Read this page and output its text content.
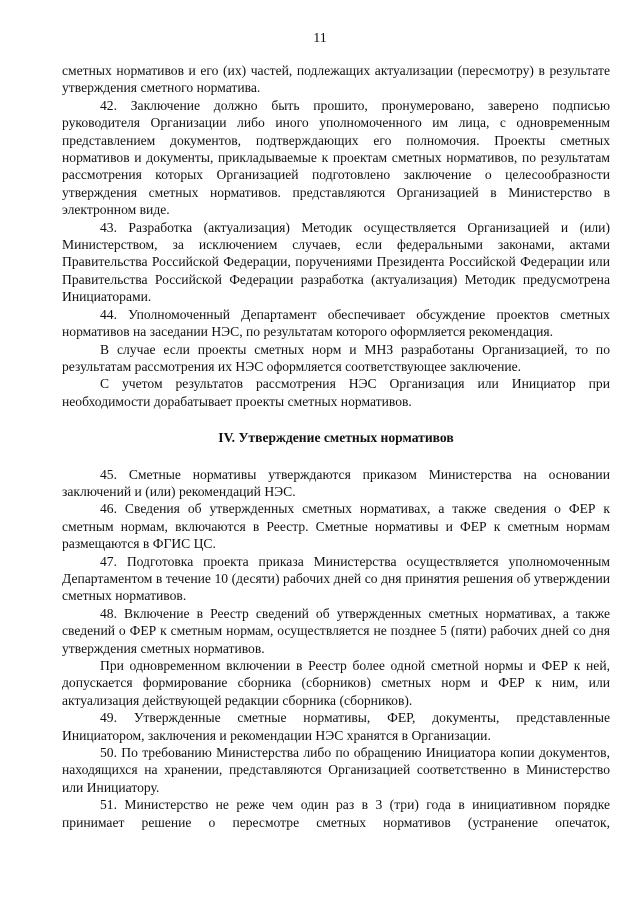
11

сметных нормативов и его (их) частей, подлежащих актуализации (пересмотру) в результате утверждения сметного норматива.

42. Заключение должно быть прошито, пронумеровано, заверено подписью руководителя Организации либо иного уполномоченного им лица, с одновременным представлением документов, подтверждающих его полномочия. Проекты сметных нормативов и документы, прикладываемые к проектам сметных нормативов, по результатам рассмотрения которых Организацией подготовлено заключение о целесообразности утверждения сметных нормативов. представляются Организацией в Министерство в электронном виде.

43. Разработка (актуализация) Методик осуществляется Организацией и (или) Министерством, за исключением случаев, если федеральными законами, актами Правительства Российской Федерации, поручениями Президента Российской Федерации или Правительства Российской Федерации разработка (актуализация) Методик предусмотрена Инициаторами.

44. Уполномоченный Департамент обеспечивает обсуждение проектов сметных нормативов на заседании НЭС, по результатам которого оформляется рекомендация.

В случае если проекты сметных норм и МНЗ разработаны Организацией, то по результатам рассмотрения их НЭС оформляется соответствующее заключение.

С учетом результатов рассмотрения НЭС Организация или Инициатор при необходимости дорабатывает проекты сметных нормативов.

IV. Утверждение сметных нормативов

45. Сметные нормативы утверждаются приказом Министерства на основании заключений и (или) рекомендаций НЭС.

46. Сведения об утвержденных сметных нормативах, а также сведения о ФЕР к сметным нормам, включаются в Реестр. Сметные нормативы и ФЕР к сметным нормам размещаются в ФГИС ЦС.

47. Подготовка проекта приказа Министерства осуществляется уполномоченным Департаментом в течение 10 (десяти) рабочих дней со дня принятия решения об утверждении сметных нормативов.

48. Включение в Реестр сведений об утвержденных сметных нормативах, а также сведений о ФЕР к сметным нормам, осуществляется не позднее 5 (пяти) рабочих дней со дня утверждения сметных нормативов.

При одновременном включении в Реестр более одной сметной нормы и ФЕР к ней, допускается формирование сборника (сборников) сметных норм и ФЕР к ним, или актуализация действующей редакции сборника (сборников).

49. Утвержденные сметные нормативы, ФЕР, документы, представленные Инициатором, заключения и рекомендации НЭС хранятся в Организации.

50. По требованию Министерства либо по обращению Инициатора копии документов, находящихся на хранении, представляются Организацией соответственно в Министерство или Инициатору.

51. Министерство не реже чем один раз в 3 (три) года в инициативном порядке принимает решение о пересмотре сметных нормативов (устранение опечаток,
